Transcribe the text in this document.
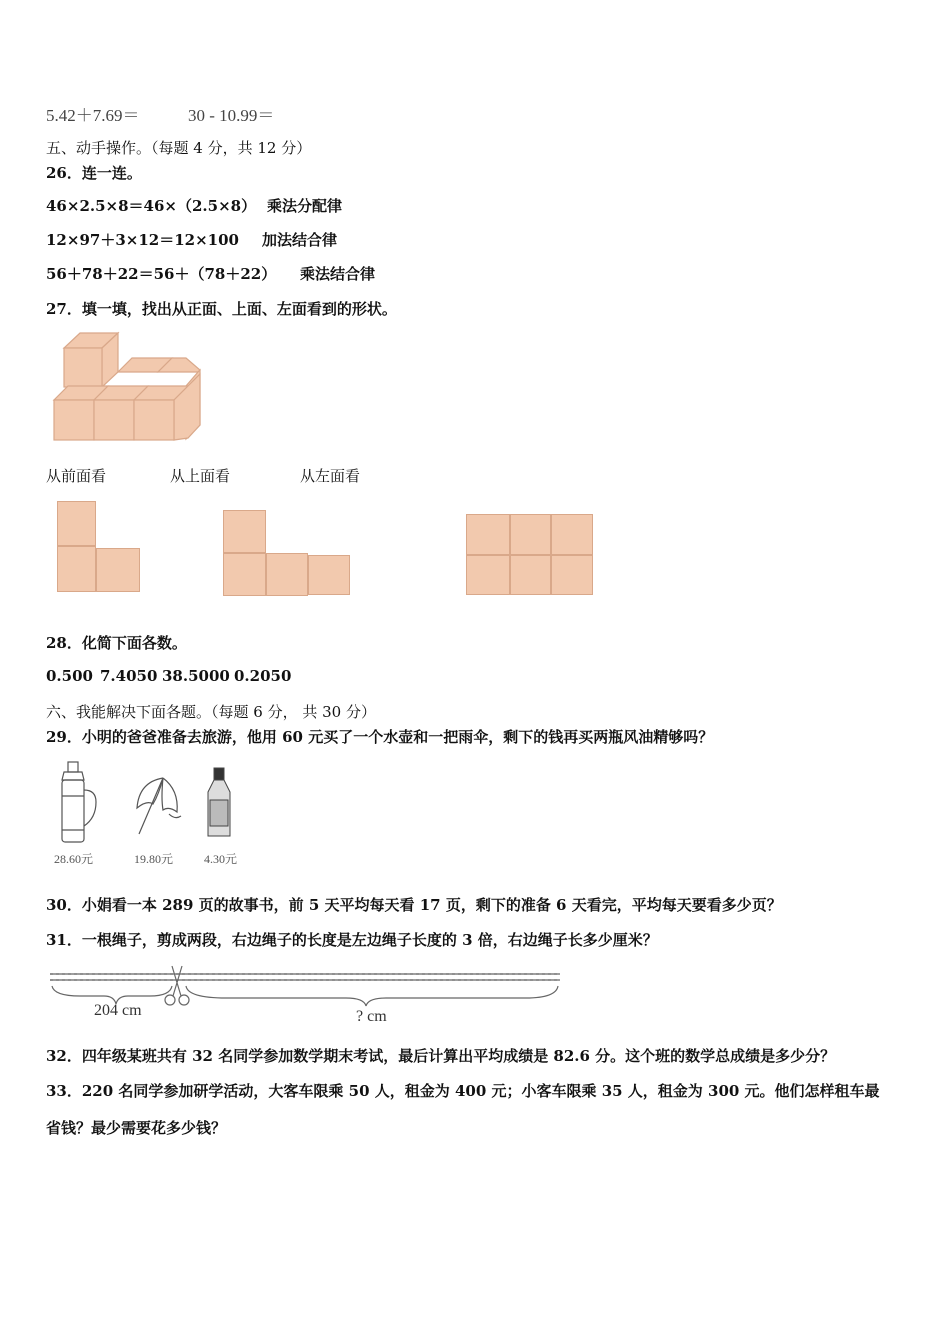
5.42＋7.69＝	30 - 10.99＝
五、动手操作。（每题 4 分，共 12 分）
26．连一连。
46×2.5×8＝46×（2.5×8） 乘法分配律
12×97＋3×12＝12×100 加法结合律
56＋78＋22＝56＋（78＋22） 乘法结合律
27．填一填，找出从正面、上面、左面看到的形状。
从前面看	从上面看	从左面看
28．化简下面各数。
0.500 7.4050 38.5000 0.2050
六、我能解决下面各题。（每题 6 分， 共 30 分）
29．小明的爸爸准备去旅游，他用 60 元买了一个水壶和一把雨伞，剩下的钱再买两瓶风油精够吗？
28.60元	19.80元	4.30元
30．小娟看一本 289 页的故事书，前 5 天平均每天看 17 页，剩下的准备 6 天看完，平均每天要看多少页？
31．一根绳子，剪成两段，右边绳子的长度是左边绳子长度的 3 倍，右边绳子长多少厘米？
204 cm	? cm
32．四年级某班共有 32 名同学参加数学期末考试，最后计算出平均成绩是 82.6 分。这个班的数学总成绩是多少分？
33．220 名同学参加研学活动，大客车限乘 50 人，租金为 400 元；小客车限乘 35 人，租金为 300 元。他们怎样租车最
省钱？最少需要花多少钱？
